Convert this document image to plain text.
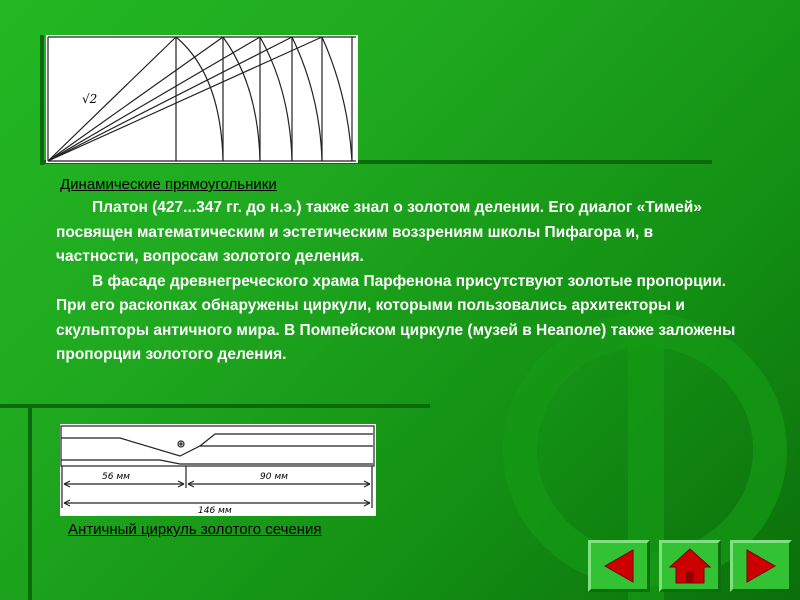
√2
Динамические прямоугольники

Платон (427...347 гг. до н.э.) также знал о золотом делении. Его диалог «Тимей» посвящен математическим и эстетическим воззрениям школы Пифагора и, в частности, вопросам золотого деления.

В фасаде древнегреческого храма Парфенона присутствуют золотые пропорции. При его раскопках обнаружены циркули, которыми пользовались архитекторы и скульпторы античного мира. В Помпейском циркуле (музей в Неаполе) также заложены пропорции золотого деления.

56 мм	90 мм
146 мм
Античный циркуль золотого сечения
